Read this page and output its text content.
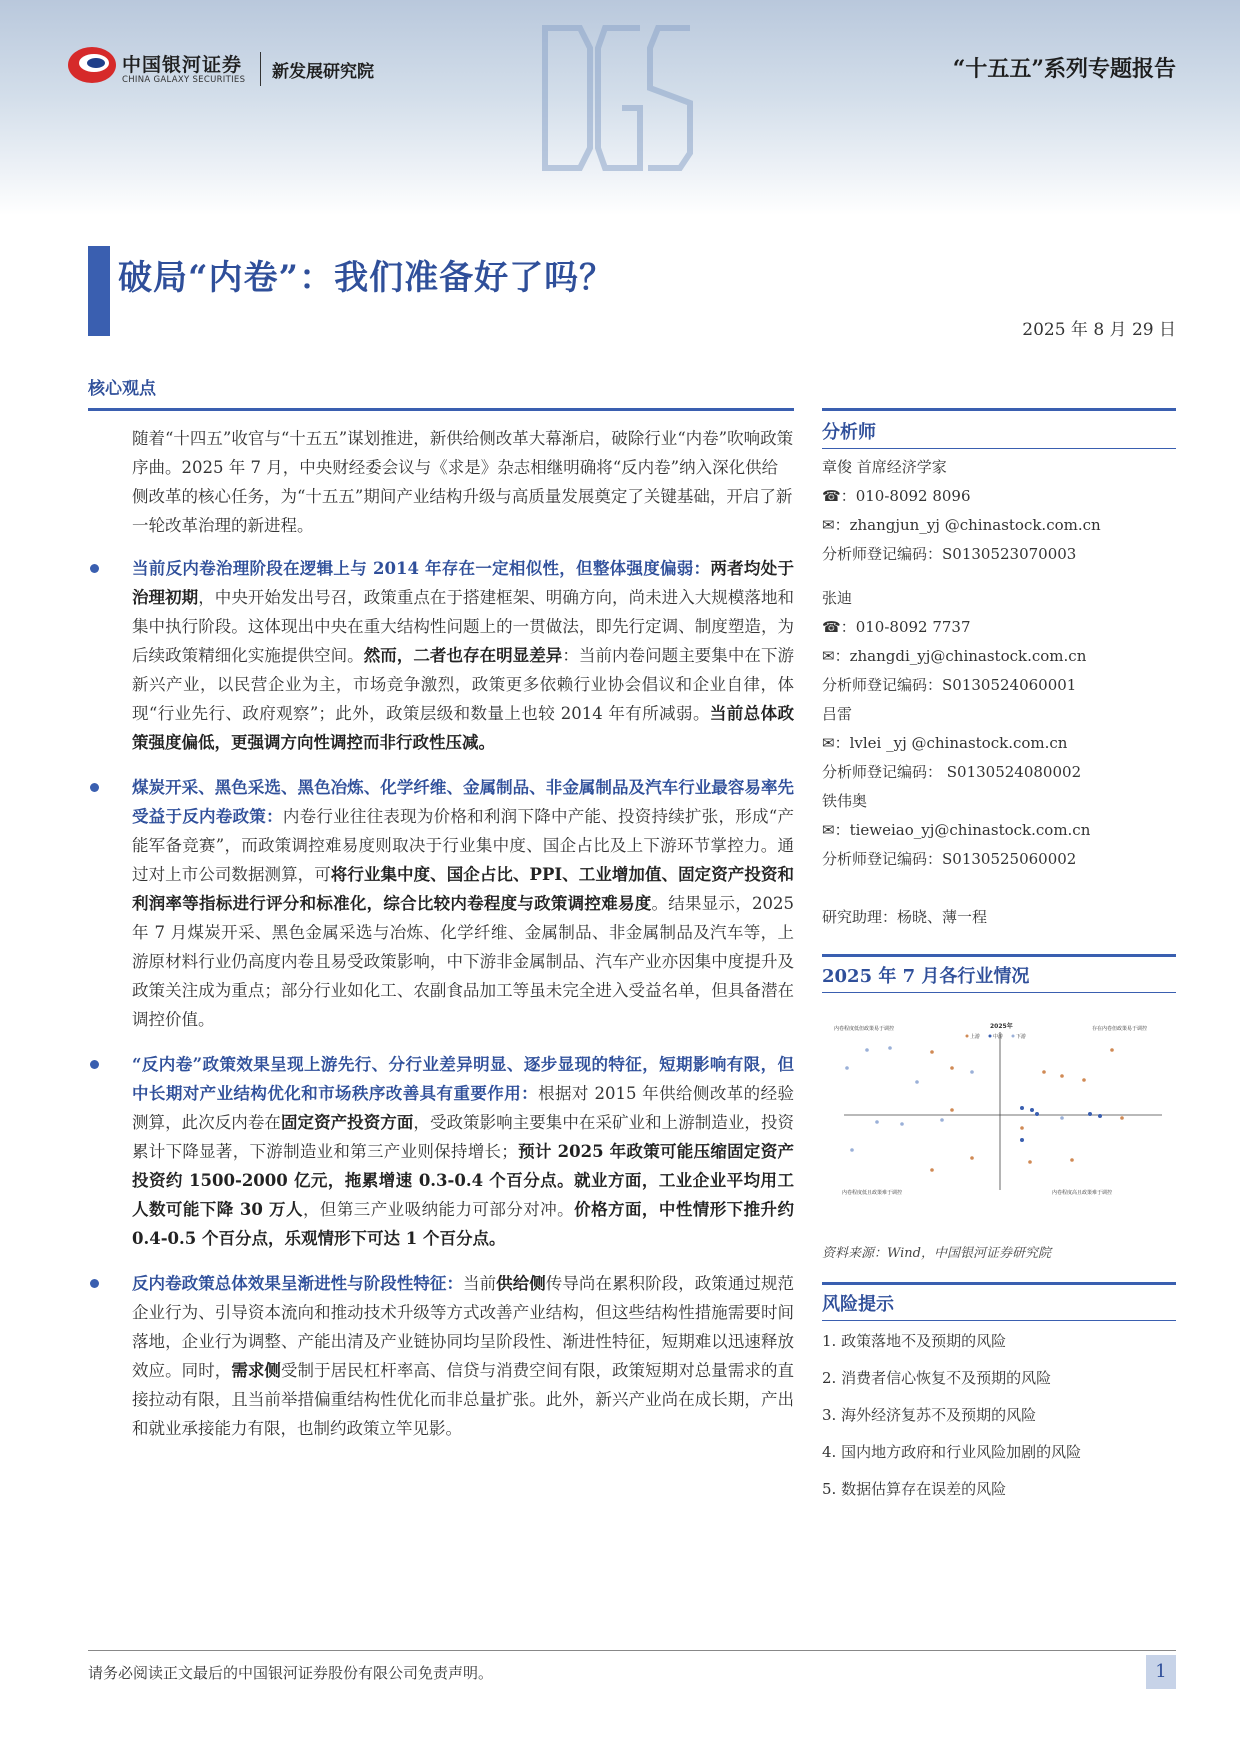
中国银河证券
CHINA GALAXY SECURITIES 新发展研究院	“十五五”系列专题报告
破局“内卷”：我们准备好了吗？
2025 年 8 月 29 日
核心观点

随着“十四五”收官与“十五五”谋划推进，新供给侧改革大幕渐启，破除行业“内卷”吹响政策序曲。2025 年 7 月，中央财经委会议与《求是》杂志相继明确将“反内卷”纳入深化供给侧改革的核心任务，为“十五五”期间产业结构升级与高质量发展奠定了关键基础，开启了新一轮改革治理的新进程。

当前反内卷治理阶段在逻辑上与 2014 年存在一定相似性，但整体强度偏弱：两者均处于治理初期，中央开始发出号召，政策重点在于搭建框架、明确方向，尚未进入大规模落地和集中执行阶段。这体现出中央在重大结构性问题上的一贯做法，即先行定调、制度塑造，为后续政策精细化实施提供空间。然而，二者也存在明显差异：当前内卷问题主要集中在下游新兴产业，以民营企业为主，市场竞争激烈，政策更多依赖行业协会倡议和企业自律，体现“行业先行、政府观察”；此外，政策层级和数量上也较 2014 年有所减弱。当前总体政策强度偏低，更强调方向性调控而非行政性压减。
煤炭开采、黑色采选、黑色冶炼、化学纤维、金属制品、非金属制品及汽车行业最容易率先受益于反内卷政策：内卷行业往往表现为价格和利润下降中产能、投资持续扩张，形成“产能军备竞赛”，而政策调控难易度则取决于行业集中度、国企占比及上下游环节掌控力。通过对上市公司数据测算，可将行业集中度、国企占比、PPI、工业增加值、固定资产投资和利润率等指标进行评分和标准化，综合比较内卷程度与政策调控难易度。结果显示，2025 年 7 月煤炭开采、黑色金属采选与冶炼、化学纤维、金属制品、非金属制品及汽车等，上游原材料行业仍高度内卷且易受政策影响，中下游非金属制品、汽车产业亦因集中度提升及政策关注成为重点；部分行业如化工、农副食品加工等虽未完全进入受益名单，但具备潜在调控价值。
“反内卷”政策效果呈现上游先行、分行业差异明显、逐步显现的特征，短期影响有限，但中长期对产业结构优化和市场秩序改善具有重要作用：根据对 2015 年供给侧改革的经验测算，此次反内卷在固定资产投资方面，受政策影响主要集中在采矿业和上游制造业，投资累计下降显著，下游制造业和第三产业则保持增长；预计 2025 年政策可能压缩固定资产投资约 1500-2000 亿元，拖累增速 0.3-0.4 个百分点。就业方面，工业企业平均用工人数可能下降 30 万人，但第三产业吸纳能力可部分对冲。价格方面，中性情形下推升约 0.4-0.5 个百分点，乐观情形下可达 1 个百分点。
反内卷政策总体效果呈渐进性与阶段性特征：当前供给侧传导尚在累积阶段，政策通过规范企业行为、引导资本流向和推动技术升级等方式改善产业结构，但这些结构性措施需要时间落地，企业行为调整、产能出清及产业链协同均呈阶段性、渐进性特征，短期难以迅速释放效应。同时，需求侧受制于居民杠杆率高、信贷与消费空间有限，政策短期对总量需求的直接拉动有限，且当前举措偏重结构性优化而非总量扩张。此外，新兴产业尚在成长期，产出和就业承接能力有限，也制约政策立竿见影。
分析师
章俊 首席经济学家
☎：010-8092 8096
✉：zhangjun_yj @chinastock.com.cn
分析师登记编码：S0130523070003
张迪
☎：010-8092 7737
✉：zhangdi_yj@chinastock.com.cn
分析师登记编码：S0130524060001
吕雷
✉：lvlei _yj @chinastock.com.cn
分析师登记编码： S0130524080002
铁伟奥
✉：tieweiao_yj@chinastock.com.cn
分析师登记编码：S0130525060002
研究助理：杨晓、薄一程
2025 年 7 月各行业情况
内卷程度低但政策易于调控	存在内卷但政策易于调控
内卷程度低且政策难于调控	内卷程度高且政策难于调控
2025年
上游	中游	下游
资料来源：Wind，中国银河证券研究院
风险提示
1. 政策落地不及预期的风险
2. 消费者信心恢复不及预期的风险
3. 海外经济复苏不及预期的风险
4. 国内地方政府和行业风险加剧的风险
5. 数据估算存在误差的风险
请务必阅读正文最后的中国银河证券股份有限公司免责声明。	1
